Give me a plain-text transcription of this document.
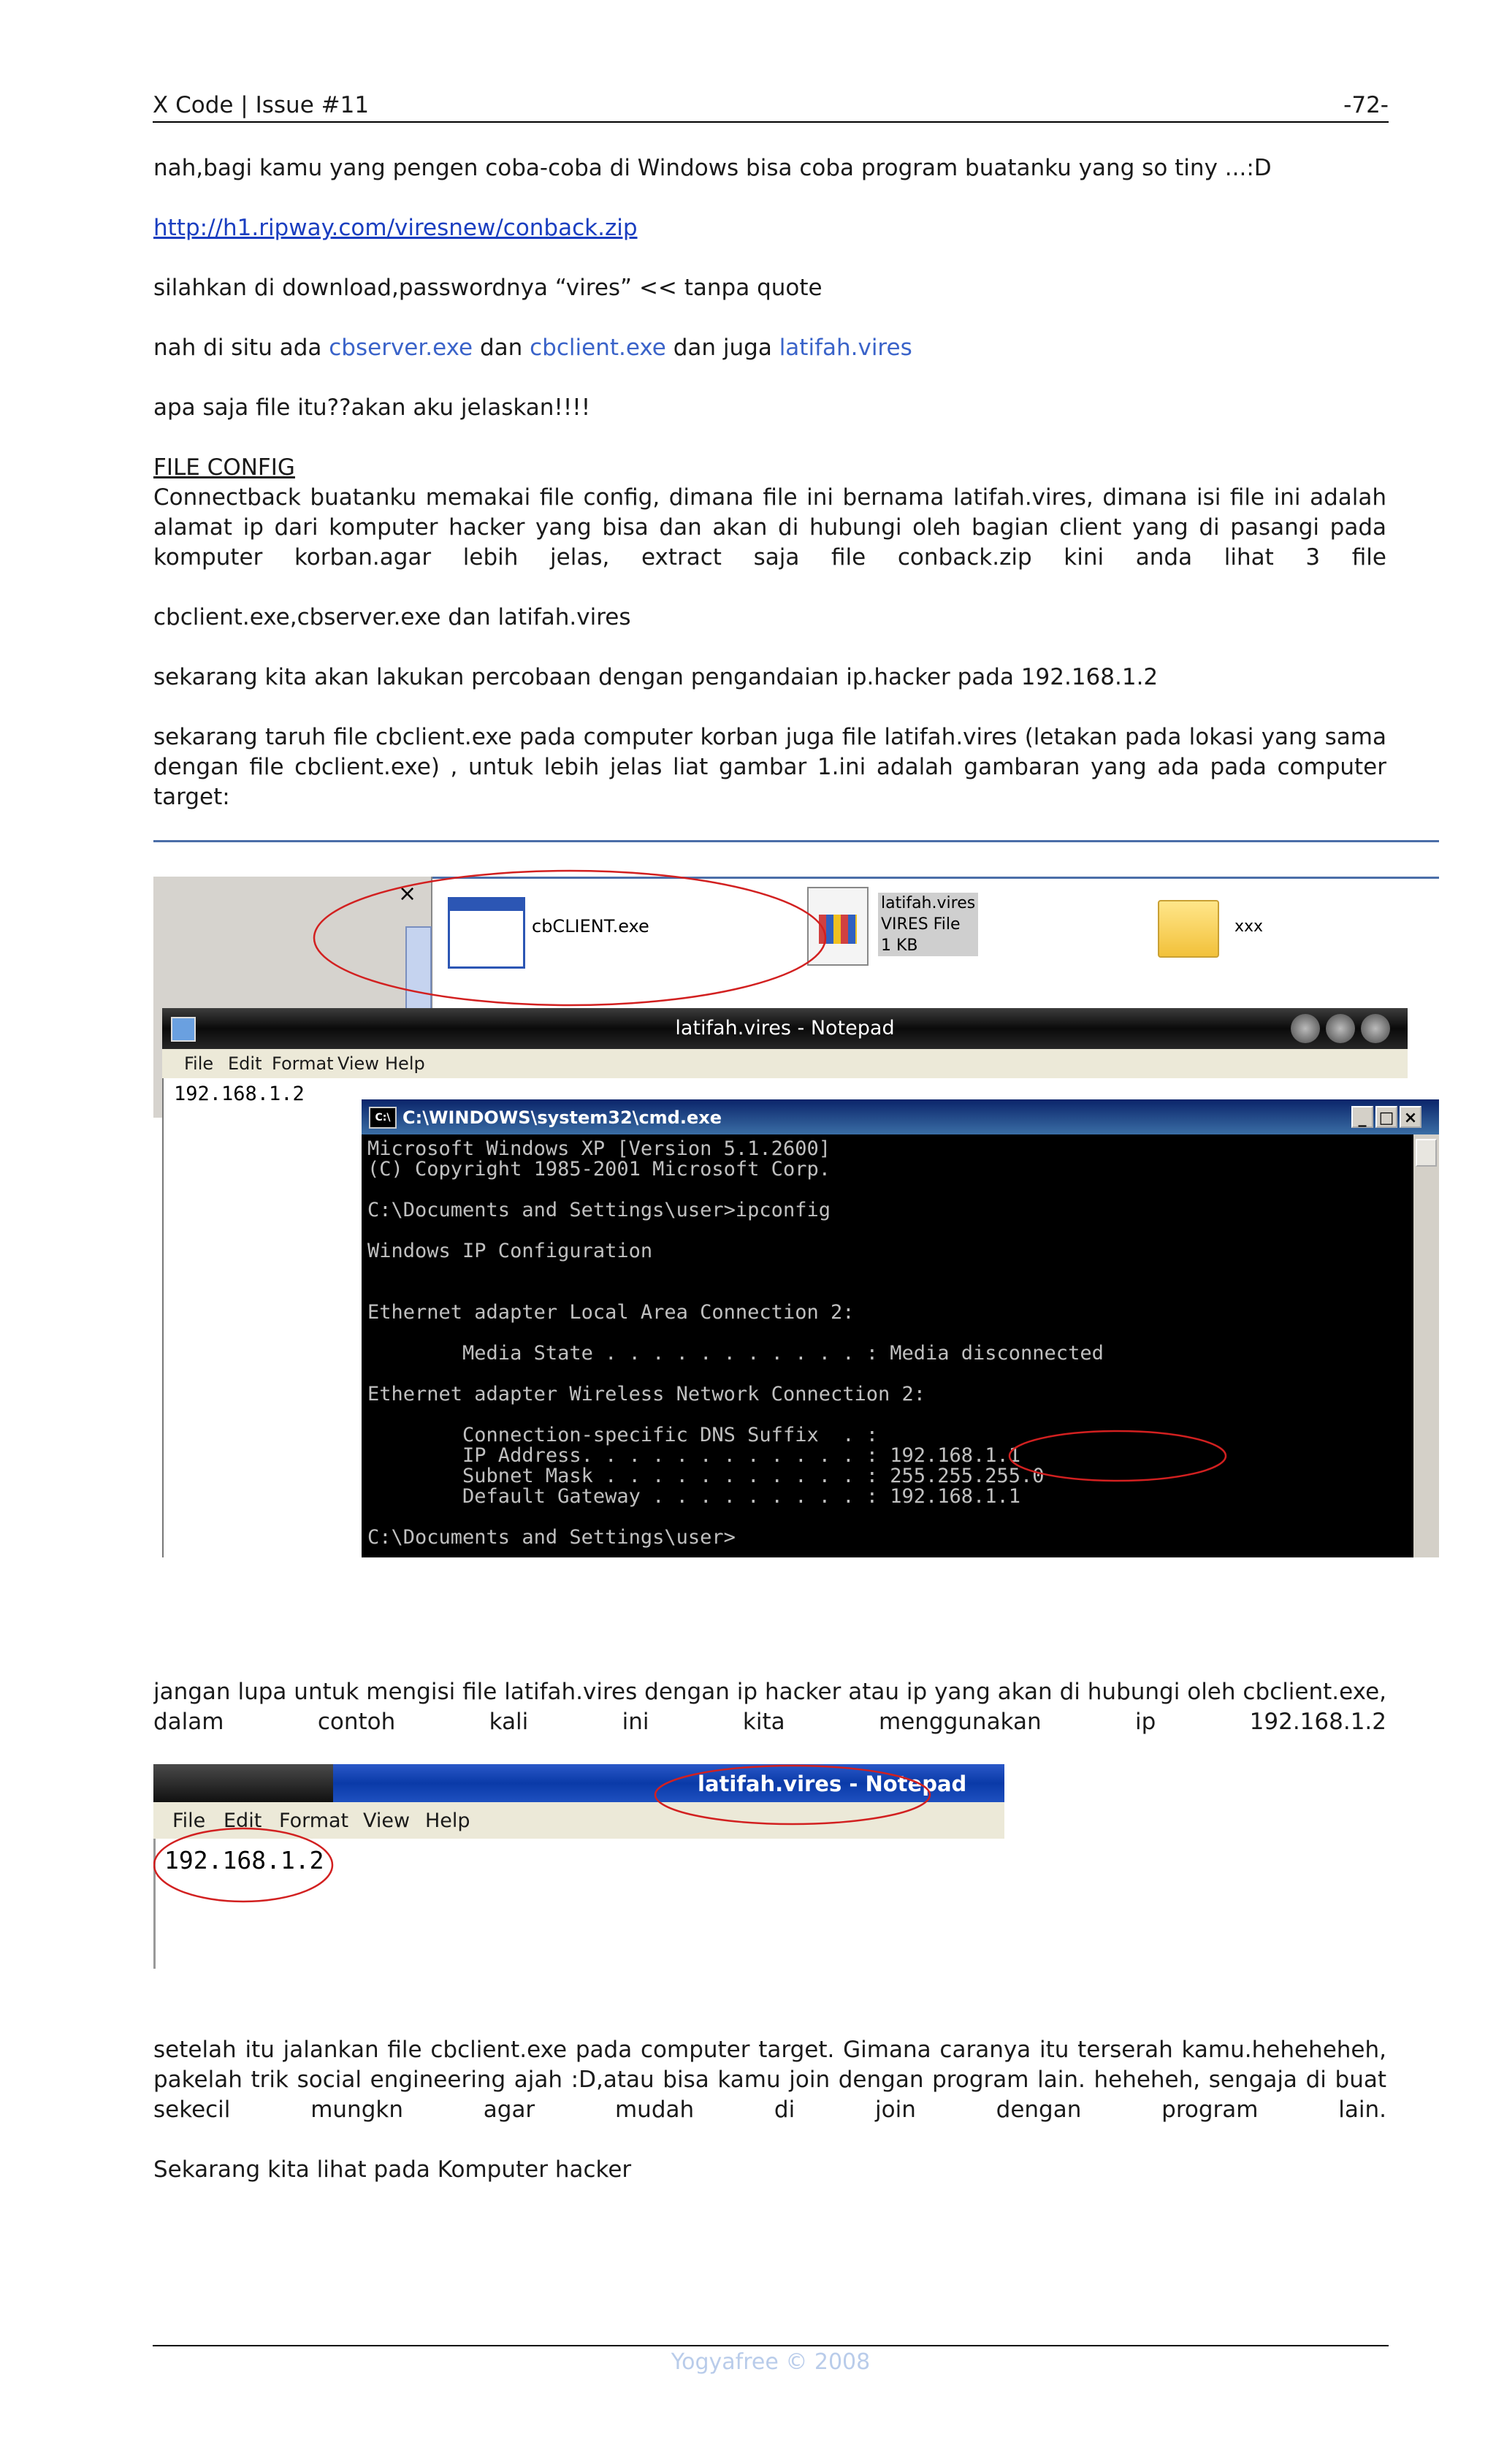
X Code | Issue #11	-72-
nah,bagi kamu yang pengen coba-coba di Windows bisa coba program buatanku yang so tiny ...:D
http://h1.ripway.com/viresnew/conback.zip
silahkan di download,passwordnya “vires” << tanpa quote
nah di situ ada cbserver.exe dan cbclient.exe dan juga latifah.vires
apa saja file itu??akan aku jelaskan!!!!
FILE CONFIG
Connectback buatanku memakai file config, dimana file ini bernama latifah.vires, dimana isi file ini adalah alamat ip dari komputer hacker yang bisa dan akan di hubungi oleh bagian client yang di pasangi pada komputer korban.agar lebih jelas, extract saja file conback.zip kini anda lihat 3 file
cbclient.exe,cbserver.exe dan latifah.vires
sekarang kita akan lakukan percobaan dengan pengandaian ip.hacker pada 192.168.1.2
sekarang taruh file cbclient.exe pada computer korban juga file latifah.vires (letakan pada lokasi yang sama dengan file cbclient.exe) , untuk lebih jelas liat gambar 1.ini adalah gambaran yang ada pada computer target:
×
cbCLIENT.exe
latifah.vires
VIRES File
1 KB
xxx
latifah.vires - Notepad
File Edit Format View Help
192.168.1.2
C:\ C:\WINDOWS\system32\cmd.exe	_ □ ×
Microsoft Windows XP [Version 5.1.2600]
(C) Copyright 1985-2001 Microsoft Corp.
C:\Documents and Settings\user>ipconfig
Windows IP Configuration
Ethernet adapter Local Area Connection 2:
Media State . . . . . . . . . . . : Media disconnected
Ethernet adapter Wireless Network Connection 2:
Connection-specific DNS Suffix  . :
IP Address. . . . . . . . . . . . : 192.168.1.1
Subnet Mask . . . . . . . . . . . : 255.255.255.0
Default Gateway . . . . . . . . . : 192.168.1.1
C:\Documents and Settings\user>
jangan lupa untuk mengisi file latifah.vires dengan ip hacker atau ip yang akan di hubungi oleh cbclient.exe, dalam contoh kali ini kita menggunakan ip 192.168.1.2
latifah.vires - Notepad
File Edit Format View Help
192.168.1.2
setelah itu jalankan file cbclient.exe pada computer target. Gimana caranya itu terserah kamu.heheheheh, pakelah trik social engineering ajah :D,atau bisa kamu join dengan program lain. heheheh, sengaja di buat sekecil mungkn agar mudah di join dengan program lain.
Sekarang kita lihat pada Komputer hacker
Yogyafree © 2008
